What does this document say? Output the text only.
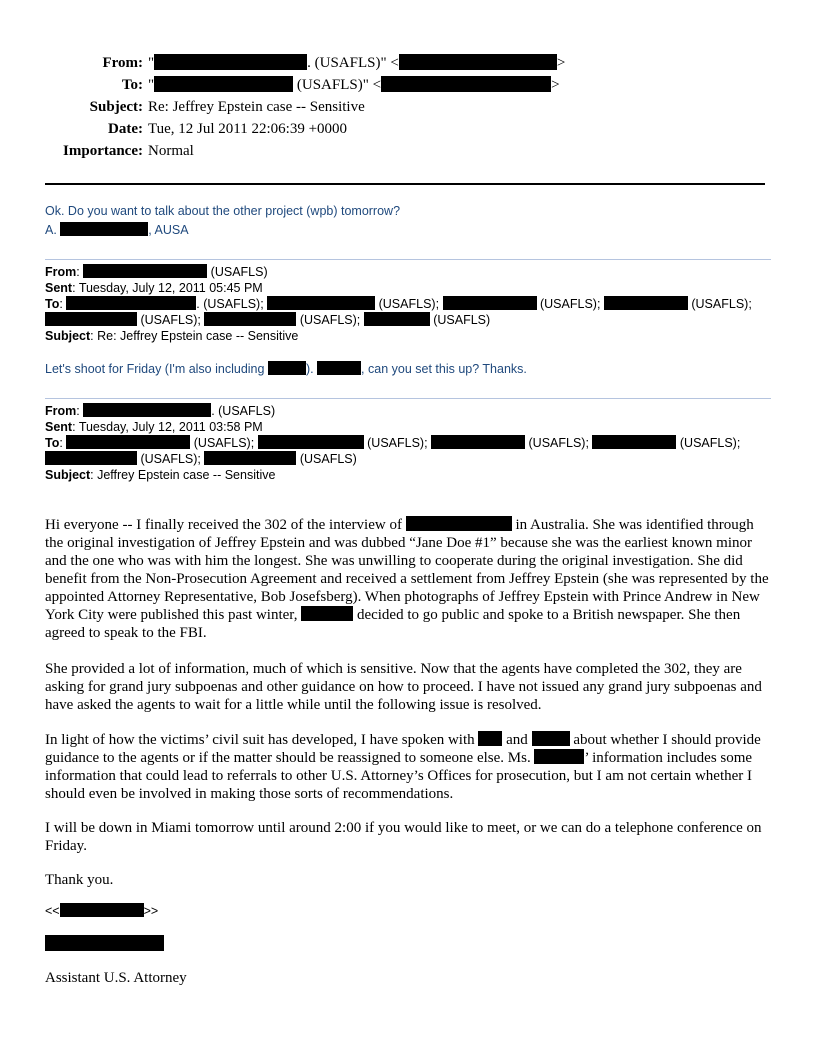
From: "	. (USAFLS)" <	>
To: "	(USAFLS)" <	>
Subject: Re: Jeffrey Epstein case -- Sensitive
Date: Tue, 12 Jul 2011 22:06:39 +0000
Importance: Normal
Ok. Do you want to talk about the other project (wpb) tomorrow?
A.	, AUSA
From:	(USAFLS)
Sent: Tuesday, July 12, 2011 05:45 PM
To:	. (USAFLS);	(USAFLS);	(USAFLS);	(USAFLS);
(USAFLS);	(USAFLS);	(USAFLS)
Subject: Re: Jeffrey Epstein case -- Sensitive
Let's shoot for Friday (I'm also including	).	, can you set this up? Thanks.
From:	. (USAFLS)
Sent: Tuesday, July 12, 2011 03:58 PM
To:	(USAFLS);	(USAFLS);	(USAFLS);	(USAFLS);
(USAFLS);	(USAFLS)
Subject: Jeffrey Epstein case -- Sensitive

Hi everyone -- I finally received the 302 of the interview of	in Australia. She was identified through the original investigation of Jeffrey Epstein and was dubbed “Jane Doe #1” because she was the earliest known minor and the one who was with him the longest. She was unwilling to cooperate during the original investigation. She did benefit from the Non-Prosecution Agreement and received a settlement from Jeffrey Epstein (she was represented by the appointed Attorney Representative, Bob Josefsberg). When photographs of Jeffrey Epstein with Prince Andrew in New York City were published this past winter,	decided to go public and spoke to a British newspaper. She then agreed to speak to the FBI.

She provided a lot of information, much of which is sensitive. Now that the agents have completed the 302, they are asking for grand jury subpoenas and other guidance on how to proceed. I have not issued any grand jury subpoenas and have asked the agents to wait for a little while until the following issue is resolved.

In light of how the victims’ civil suit has developed, I have spoken with  and	about whether I should provide guidance to the agents or if the matter should be reassigned to someone else. Ms.	’ information includes some information that could lead to referrals to other U.S. Attorney’s Offices for prosecution, but I am not certain whether I should even be involved in making those sorts of recommendations.

I will be down in Miami tomorrow until around 2:00 if you would like to meet, or we can do a telephone conference on Friday.

Thank you.

<<	>>
Assistant U.S. Attorney
